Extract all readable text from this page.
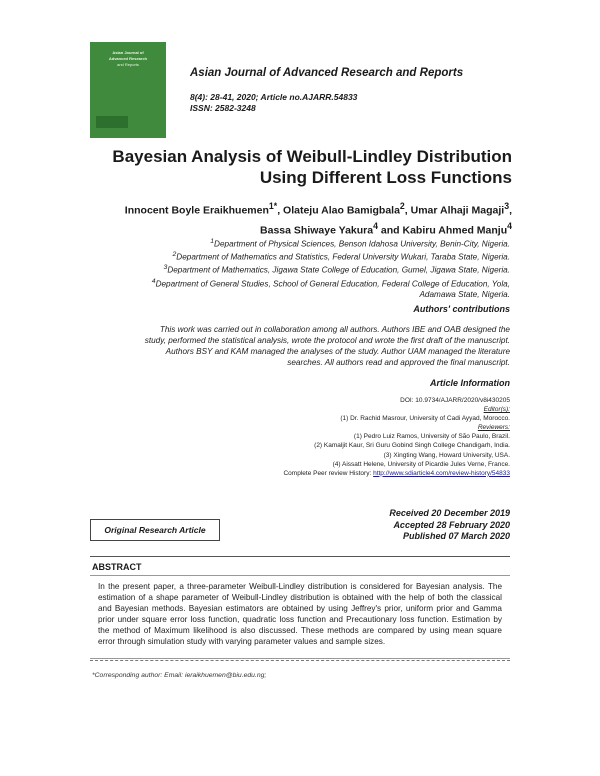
Asian Journal of
Advanced Research
and Reports
Asian Journal of Advanced Research and Reports
8(4): 28-41, 2020; Article no.AJARR.54833
ISSN: 2582-3248
Bayesian Analysis of Weibull-Lindley Distribution
Using Different Loss Functions
Innocent Boyle Eraikhuemen$^{1*}$, Olateju Alao Bamigbala$^2$, Umar Alhaji Magaji$^3$,
Bassa Shiwaye Yakura$^4$ and Kabiru Ahmed Manju$^4$
$^1$Department of Physical Sciences, Benson Idahosa University, Benin-City, Nigeria.
$^2$Department of Mathematics and Statistics, Federal University Wukari, Taraba State, Nigeria.
$^3$Department of Mathematics, Jigawa State College of Education, Gumel, Jigawa State, Nigeria.
$^4$Department of General Studies, School of General Education, Federal College of Education, Yola,
Adamawa State, Nigeria.
Authors' contributions
This work was carried out in collaboration among all authors. Authors IBE and OAB designed the
study, performed the statistical analysis, wrote the protocol and wrote the first draft of the manuscript.
Authors BSY and KAM managed the analyses of the study. Author UAM managed the literature
searches. All authors read and approved the final manuscript.
Article Information
DOI: 10.9734/AJARR/2020/v8i430205
Editor(s):
(1) Dr. Rachid Masrour, University of Cadi Ayyad, Morocco.
Reviewers:
(1) Pedro Luiz Ramos, University of São Paulo, Brazil.
(2) Kamaljit Kaur, Sri Guru Gobind Singh College Chandigarh, India.
(3) Xingting Wang, Howard University, USA.
(4) Aissatt Helene, University of Picardie Jules Verne, France.
Complete Peer review History: http://www.sdiarticle4.com/review-history/54833
Received 20 December 2019
Accepted 28 February 2020
Published 07 March 2020
Original Research Article
ABSTRACT
In the present paper, a three-parameter Weibull-Lindley distribution is considered for Bayesian analysis. The estimation of a shape parameter of Weibull-Lindley distribution is obtained with the help of both the classical and Bayesian methods. Bayesian estimators are obtained by using Jeffrey's prior, uniform prior and Gamma prior under square error loss function, quadratic loss function and Precautionary loss function. Estimation by the method of Maximum likelihood is also discussed. These methods are compared by using mean square error through simulation study with varying parameter values and sample sizes.
*Corresponding author: Email: ieraikhuemen@biu.edu.ng;
